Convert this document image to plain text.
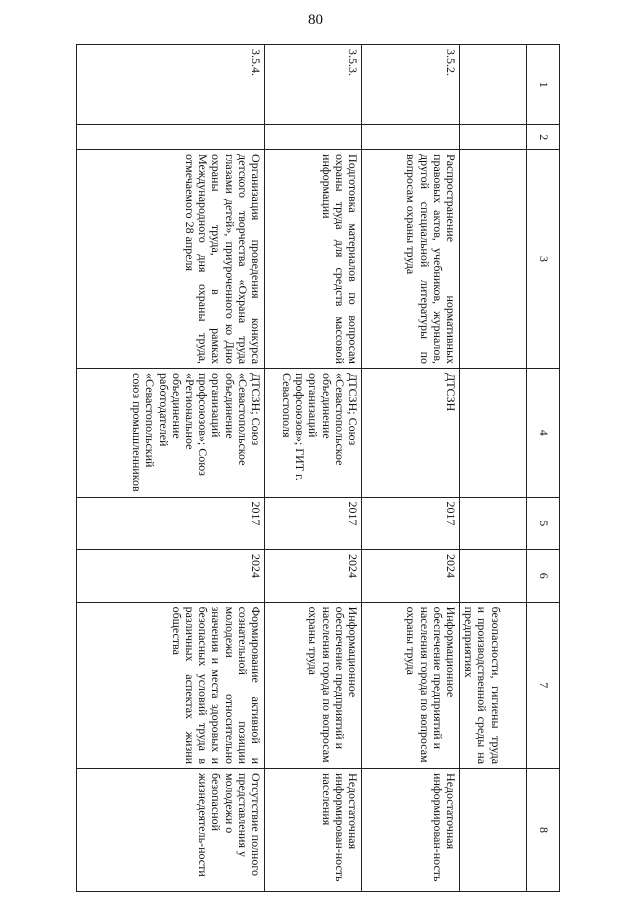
80
1	2	3	4	5	6	7	8
						безопасности, гигиены труда и производственной среды на предприятиях	
3.5.2.		Распространение нормативных правовых актов, учебников, журналов, другой специальной литературы по вопросам охраны труда	ДТСЗН	2017	2024	Информационное обеспечение предприятий и населения города по вопросам охраны труда	Недостаточная информирован-ность
3.5.3.		Подготовка материалов по вопросам охраны труда для средств массовой информации	ДТСЗН; Союз «Севастопольское объединение организаций профсоюзов»; ГИТ г. Севастополя	2017	2024	Информационное обеспечение предприятий и населения города по вопросам охраны труда	Недостаточная информирован-ность населения
3.5.4.		Организация проведения конкурса детского творчества «Охрана труда глазами детей», приуроченного ко Дню охраны труда, в рамках Международного дня охраны труда, отмечаемого 28 апреля	ДТСЗН; Союз «Севастопольское объединение организаций профсоюзов»; Союз «Региональное объединение работодателей «Севастопольский союз промышленников	2017	2024	Формирование активной и сознательной позиции молодежи относительно значения и места здоровых и безопасных условий труда в различных аспектах жизни общества	Отсутствие полного представления у молодежи о безопасной жизнедеятель-ности
